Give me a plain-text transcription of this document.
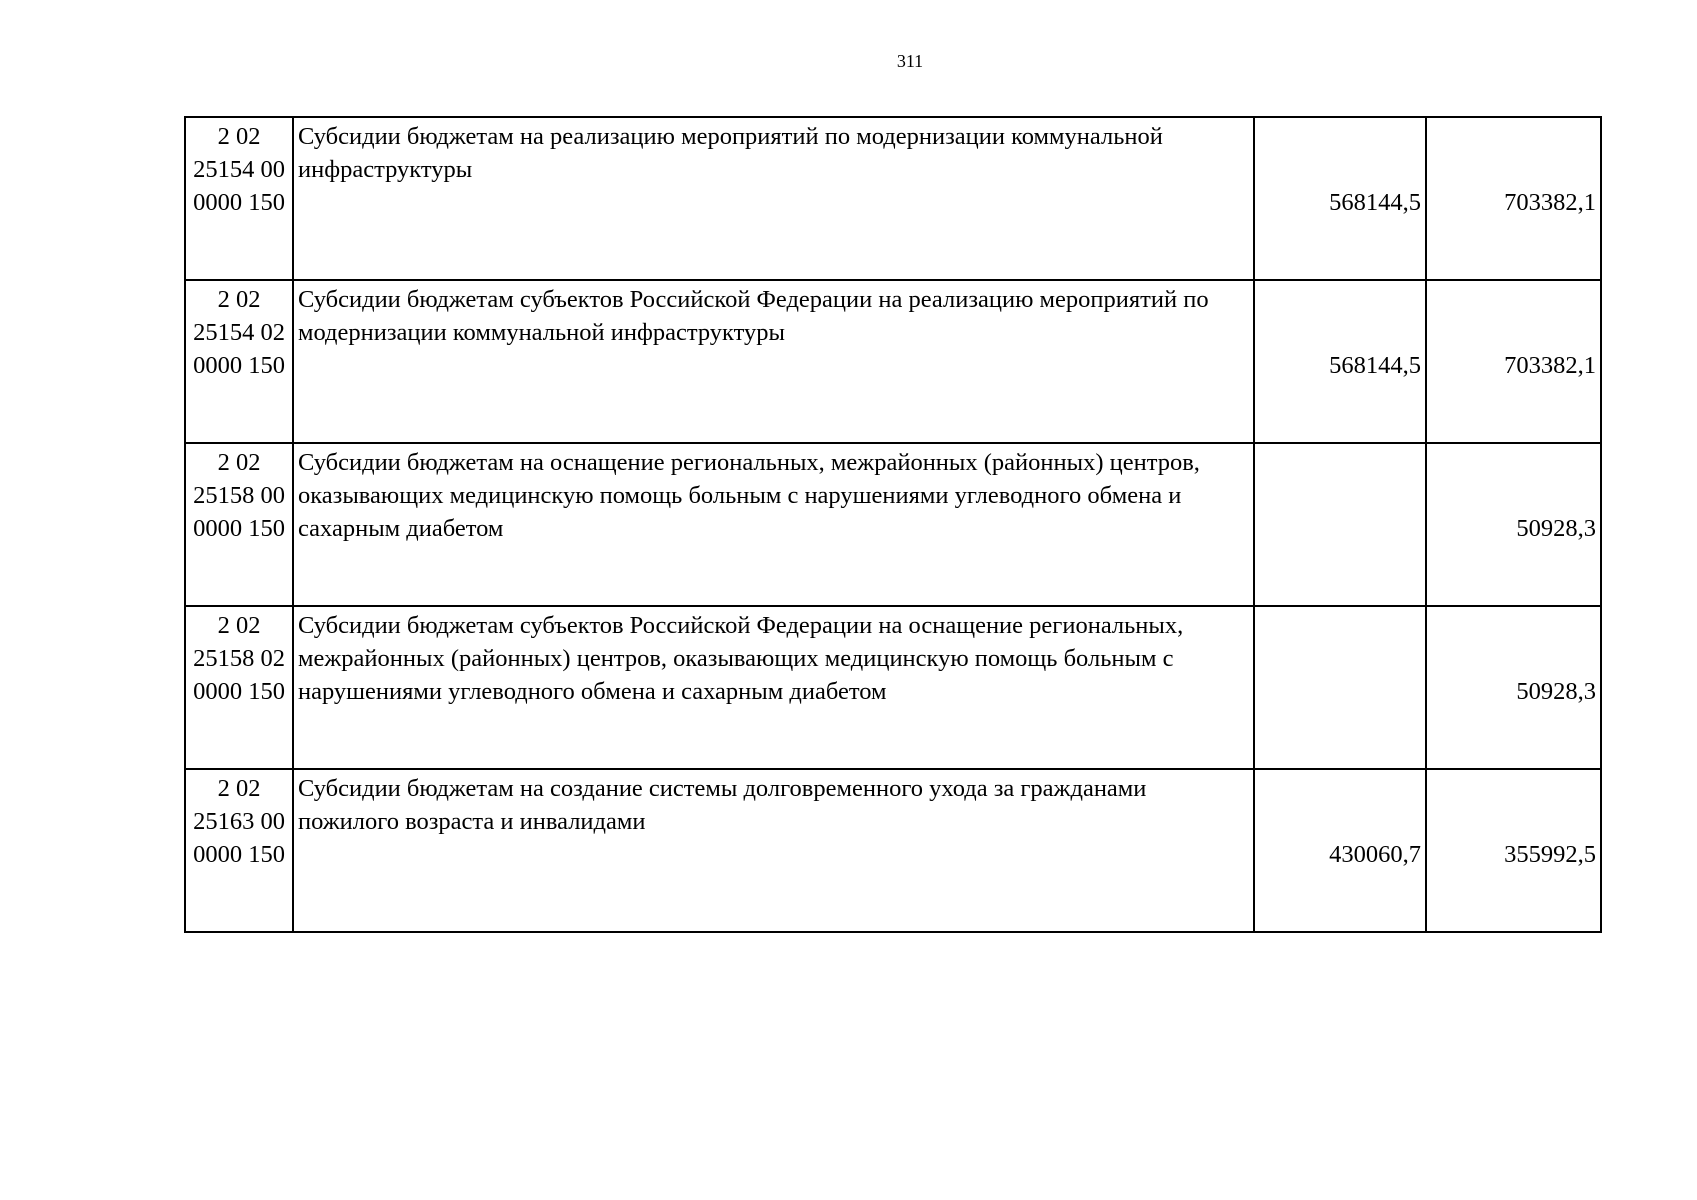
311
2 02
25154 00
0000 150	Субсидии бюджетам на реализацию мероприятий по модернизации коммунальной инфраструктуры	568144,5	703382,1

2 02
25154 02
0000 150	Субсидии бюджетам субъектов Российской Федерации на реализацию мероприятий по модернизации коммунальной инфраструктуры	568144,5	703382,1

2 02
25158 00
0000 150	Субсидии бюджетам на оснащение региональных, межрайонных (районных) центров, оказывающих медицинскую помощь больным с нарушениями углеводного обмена и сахарным диабетом		50928,3

2 02
25158 02
0000 150	Субсидии бюджетам субъектов Российской Федерации на оснащение региональных, межрайонных (районных) центров, оказывающих медицинскую помощь больным с нарушениями углеводного обмена и сахарным диабетом		50928,3

2 02
25163 00
0000 150	Субсидии бюджетам на создание системы долговременного ухода за гражданами пожилого возраста и инвалидами	430060,7	355992,5
